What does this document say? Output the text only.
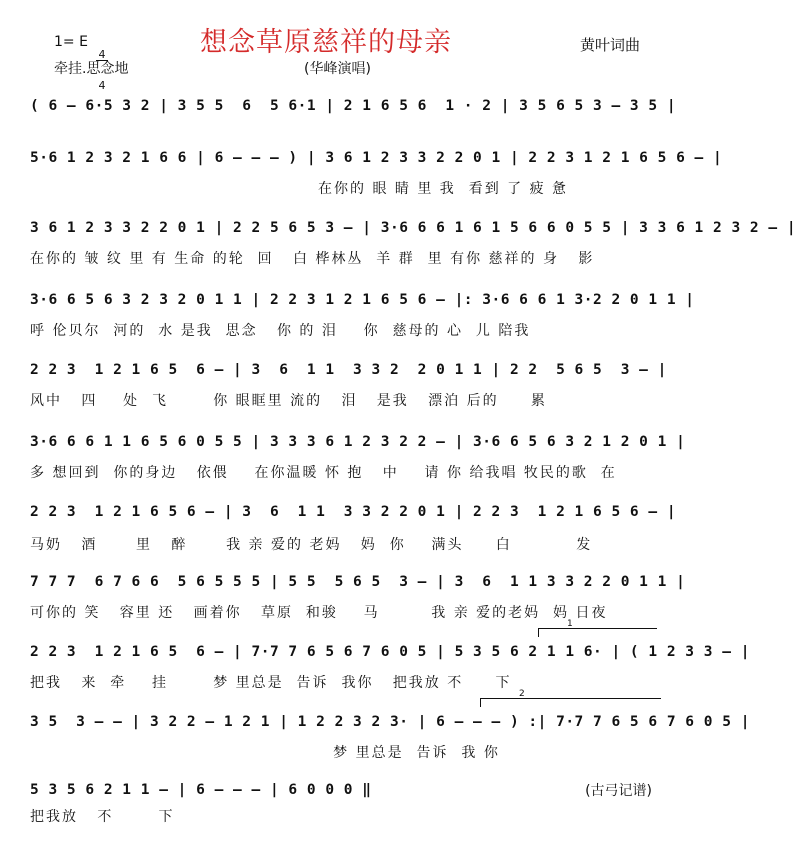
想念草原慈祥的母亲
1= E

4

4

黄叶词曲
牵挂.思念地	(华峰演唱)
( 6 – 6·5 3 2 | 3 5 5  6  5 6·1 | 2 1 6 5 6  1 · 2 | 3 5 6 5 3 – 3 5 |
5·6 1 2 3 2 1 6 6 | 6 – – – ) | 3 6 1 2 3 3 2 2 0 1 | 2 2 3 1 2 1 6 5 6 – |
在你的 眼 睛 里 我  看到 了 疲 惫
3 6 1 2 3 3 2 2 0 1 | 2 2 5 6 5 3 – | 3·6 6 6 1 6 1 5 6 6 0 5 5 | 3 3 6 1 2 3 2 – |
在你的 皱 纹 里 有 生命 的轮  回   白 桦林丛  羊 群  里 有你 慈祥的 身   影
3·6 6 5 6 3 2 3 2 0 1 1 | 2 2 3 1 2 1 6 5 6 – |: 3·6 6 6 1 3·2 2 0 1 1 |
呼 伦贝尔  河的  水 是我  思念   你 的 泪    你  慈母的 心  儿 陪我
2 2 3  1 2 1 6 5  6 – | 3  6  1 1  3 3 2  2 0 1 1 | 2 2  5 6 5  3 – |
风中   四    处  飞       你 眼眶里 流的   泪   是我   漂泊 后的     累
3·6 6 6 1 1 6 5 6 0 5 5 | 3 3 3 6 1 2 3 2 2 – | 3·6 6 5 6 3 2 1 2 0 1 |
多 想回到  你的身边   依偎    在你温暖 怀 抱   中    请 你 给我唱 牧民的歌  在
2 2 3  1 2 1 6 5 6 – | 3  6  1 1  3 3 2 2 0 1 | 2 2 3  1 2 1 6 5 6 – |
马奶   酒      里   醉      我 亲 爱的 老妈   妈  你    满头     白          发
7 7 7  6 7 6 6  5 6 5 5 5 | 5 5  5 6 5  3 – | 3  6  1 1 3 3 2 2 0 1 1 |
可你的 笑   容里 还   画着你   草原  和骏    马        我 亲 爱的老妈  妈 日夜
1
2 2 3  1 2 1 6 5  6 – | 7·7 7 6 5 6 7 6 0 5 | 5 3 5 6 2 1 1 6· | ( 1 2 3 3 – |
把我   来  牵    挂       梦 里总是  告诉  我你   把我放 不     下
2
3 5  3 – – | 3 2 2 – 1 2 1 | 1 2 2 3 2 3· | 6 – – – ) :| 7·7 7 6 5 6 7 6 0 5 |
梦 里总是  告诉  我 你
5 3 5 6 2 1 1 – | 6 – – – | 6 0 0 0 ‖
把我放   不       下
(古弓记谱)
